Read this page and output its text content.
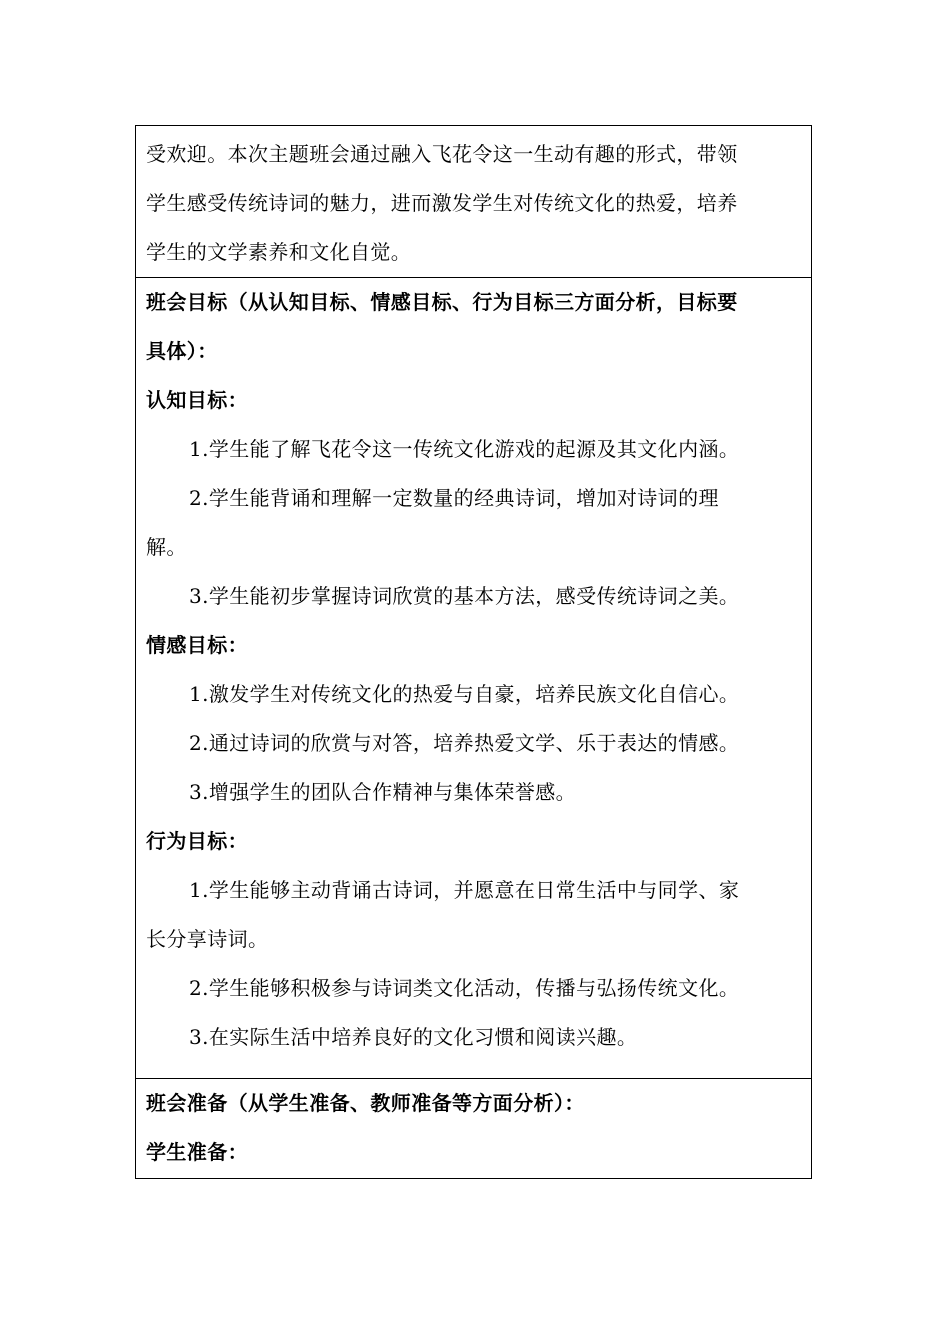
受欢迎。本次主题班会通过融入飞花令这一生动有趣的形式，带领
学生感受传统诗词的魅力，进而激发学生对传统文化的热爱，培养
学生的文学素养和文化自觉。

班会目标（从认知目标、情感目标、行为目标三方面分析，目标要
具体）：
认知目标：
1.学生能了解飞花令这一传统文化游戏的起源及其文化内涵。
2.学生能背诵和理解一定数量的经典诗词，增加对诗词的理
解。
3.学生能初步掌握诗词欣赏的基本方法，感受传统诗词之美。
情感目标：
1.激发学生对传统文化的热爱与自豪，培养民族文化自信心。
2.通过诗词的欣赏与对答，培养热爱文学、乐于表达的情感。
3.增强学生的团队合作精神与集体荣誉感。
行为目标：
1.学生能够主动背诵古诗词，并愿意在日常生活中与同学、家
长分享诗词。
2.学生能够积极参与诗词类文化活动，传播与弘扬传统文化。
3.在实际生活中培养良好的文化习惯和阅读兴趣。

班会准备（从学生准备、教师准备等方面分析）：
学生准备：
